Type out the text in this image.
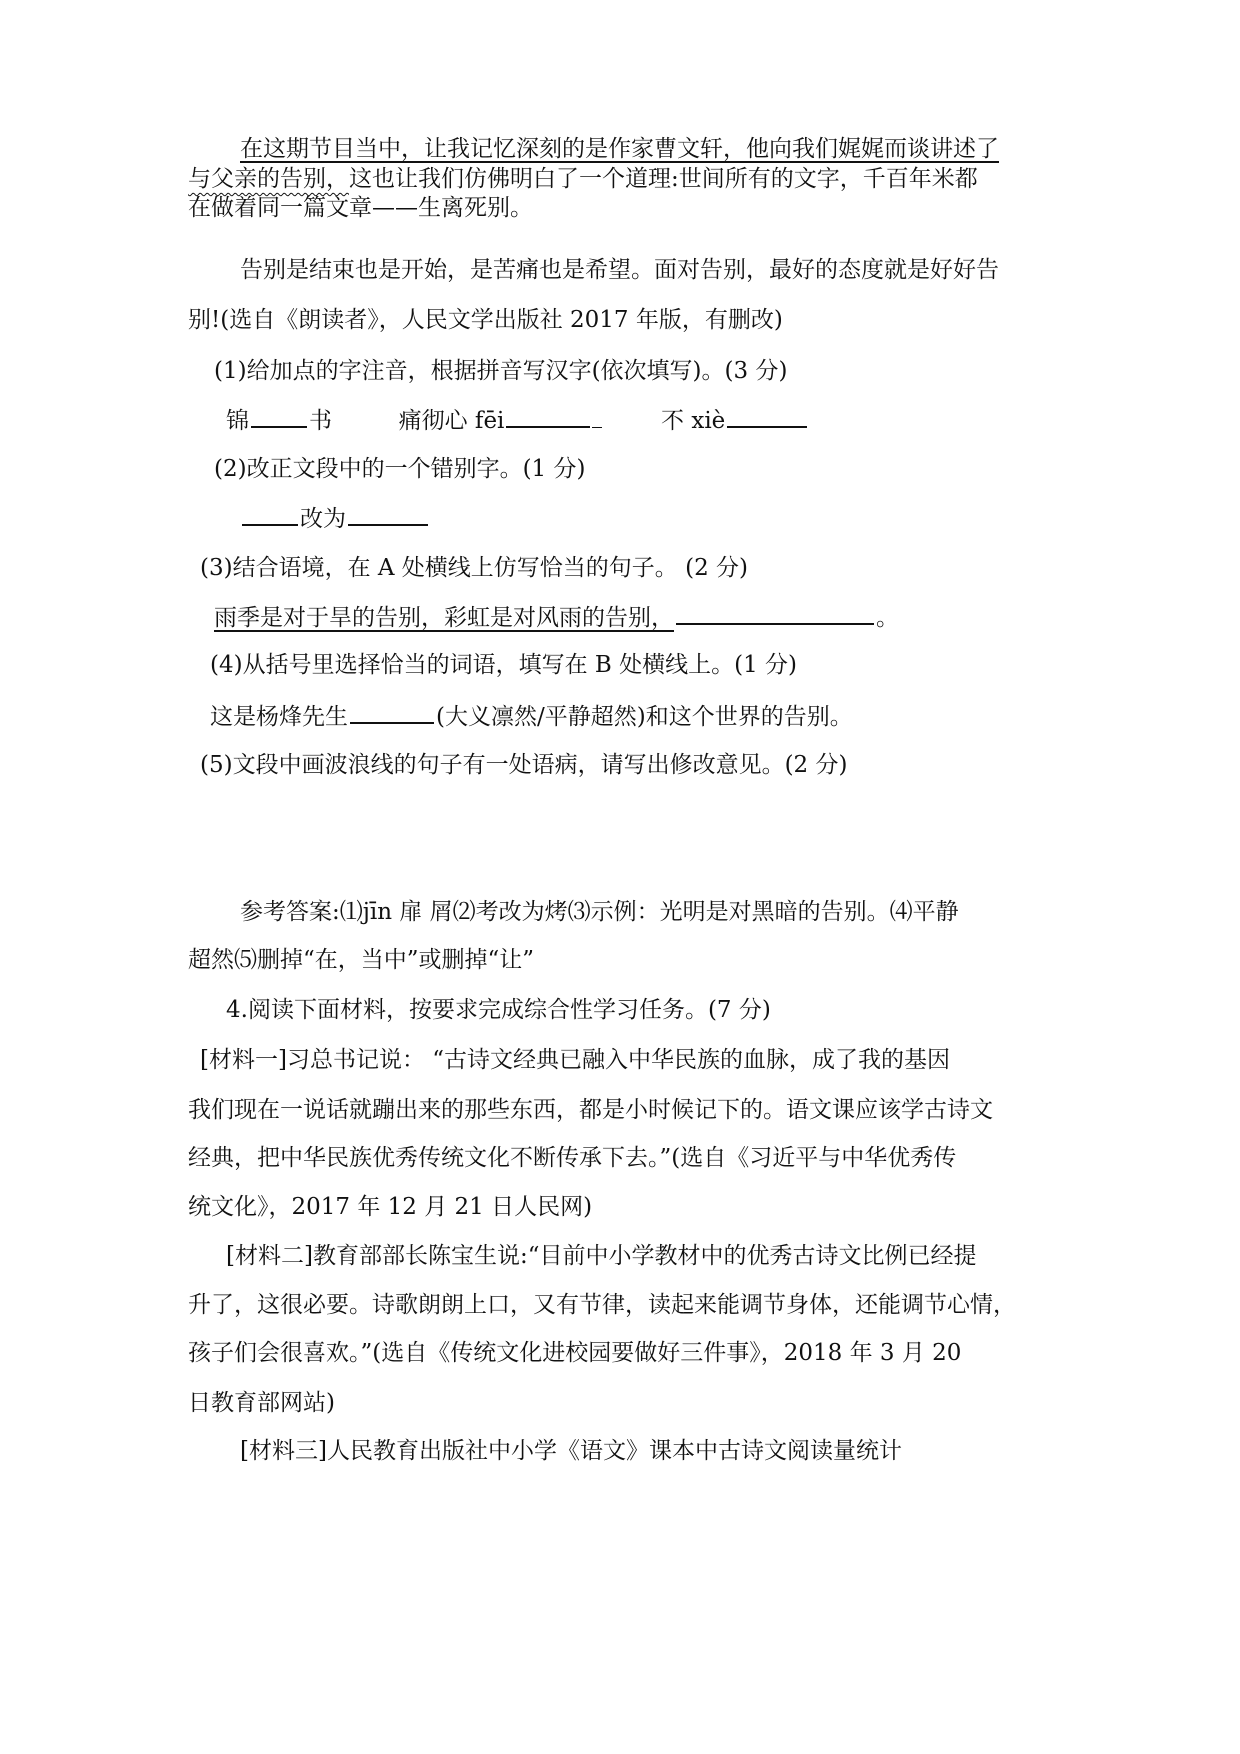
在这期节目当中，让我记忆深刻的是作家曹文轩，他向我们娓娓而谈讲述了
与父亲的告别，这也让我们仿佛明白了一个道理:世间所有的文字，千百年米都
在做着同一篇文章——生离死别。
告别是结束也是开始，是苦痛也是希望。面对告别，最好的态度就是好好告
别!(选自《朗读者》，人民文学出版社 2017 年版，有删改)
(1)给加点的字注音，根据拼音写汉字(依次填写)。(3 分)
锦	书	痛彻心 fēi	不 xiè
(2)改正文段中的一个错别字。(1 分)
改为
(3)结合语境，在 A 处横线上仿写恰当的句子。 (2 分)
雨季是对于旱的告别，彩虹是对风雨的告别，	。
(4)从括号里选择恰当的词语，填写在 B 处横线上。(1 分)
这是杨烽先生	(大义凛然/平静超然)和这个世界的告别。
(5)文段中画波浪线的句子有一处语病，请写出修改意见。(2 分)
参考答案:⑴jīn 扉 屑⑵考改为烤⑶示例：光明是对黑暗的告别。⑷平静
超然⑸删掉“在，当中”或删掉“让”
4.阅读下面材料，按要求完成综合性学习任务。(7 分)
[材料一]习总书记说： “古诗文经典已融入中华民族的血脉，成了我的基因
我们现在一说话就蹦出来的那些东西，都是小时候记下的。语文课应该学古诗文
经典，把中华民族优秀传统文化不断传承下去。”(选自《习近平与中华优秀传
统文化》，2017 年 12 月 21 日人民网)
[材料二]教育部部长陈宝生说:“目前中小学教材中的优秀古诗文比例已经提
升了，这很必要。诗歌朗朗上口，又有节律，读起来能调节身体，还能调节心情，
孩子们会很喜欢。”(选自《传统文化进校园要做好三件事》，2018 年 3 月 20
日教育部网站)
[材料三]人民教育出版社中小学《语文》课本中古诗文阅读量统计
